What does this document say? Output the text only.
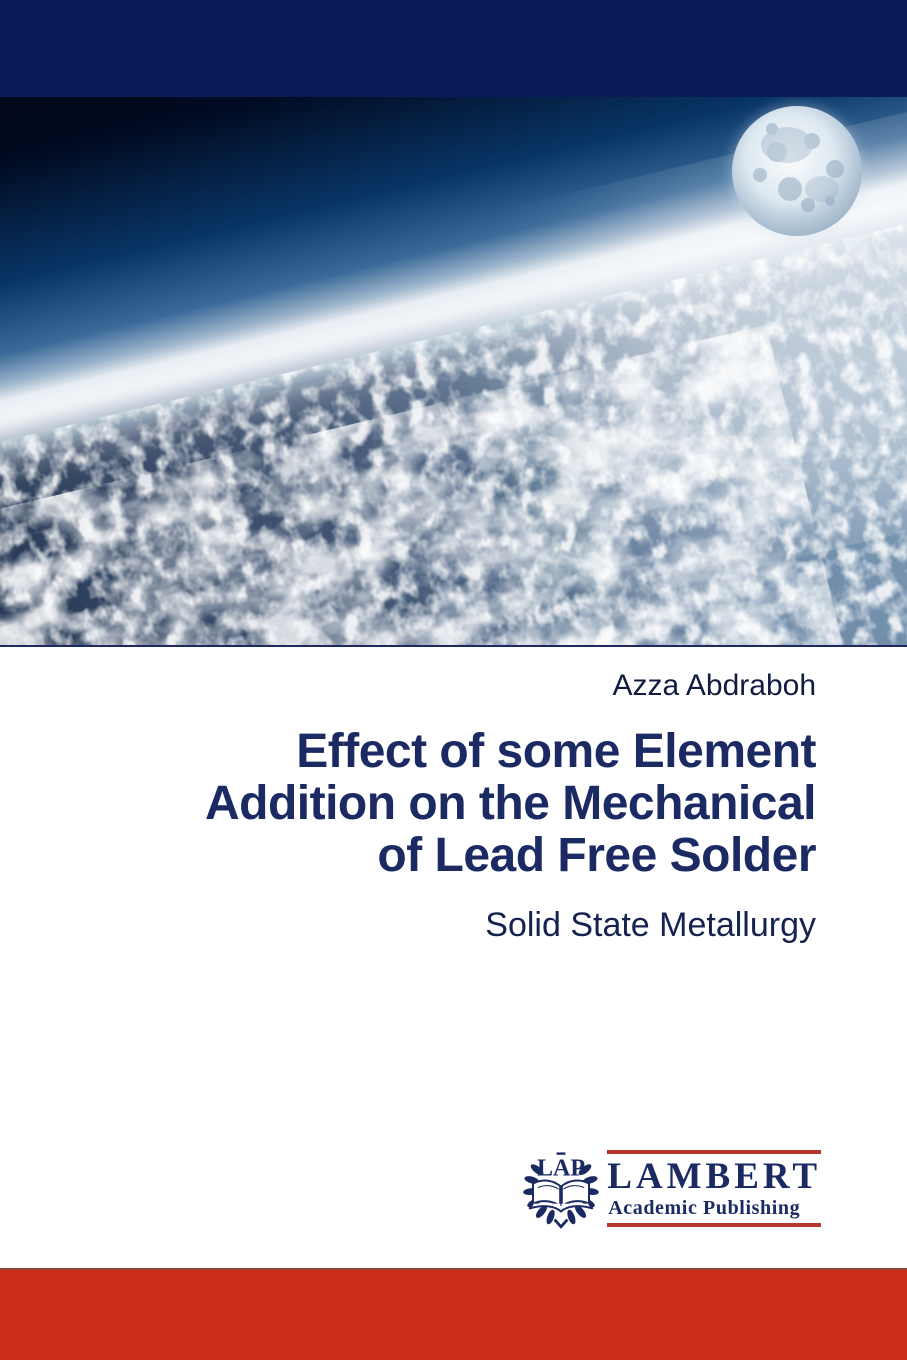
Azza Abdraboh
Effect of some Element
Addition on the Mechanical
of Lead Free Solder
Solid State Metallurgy
LAP LAMBERT
Academic Publishing
